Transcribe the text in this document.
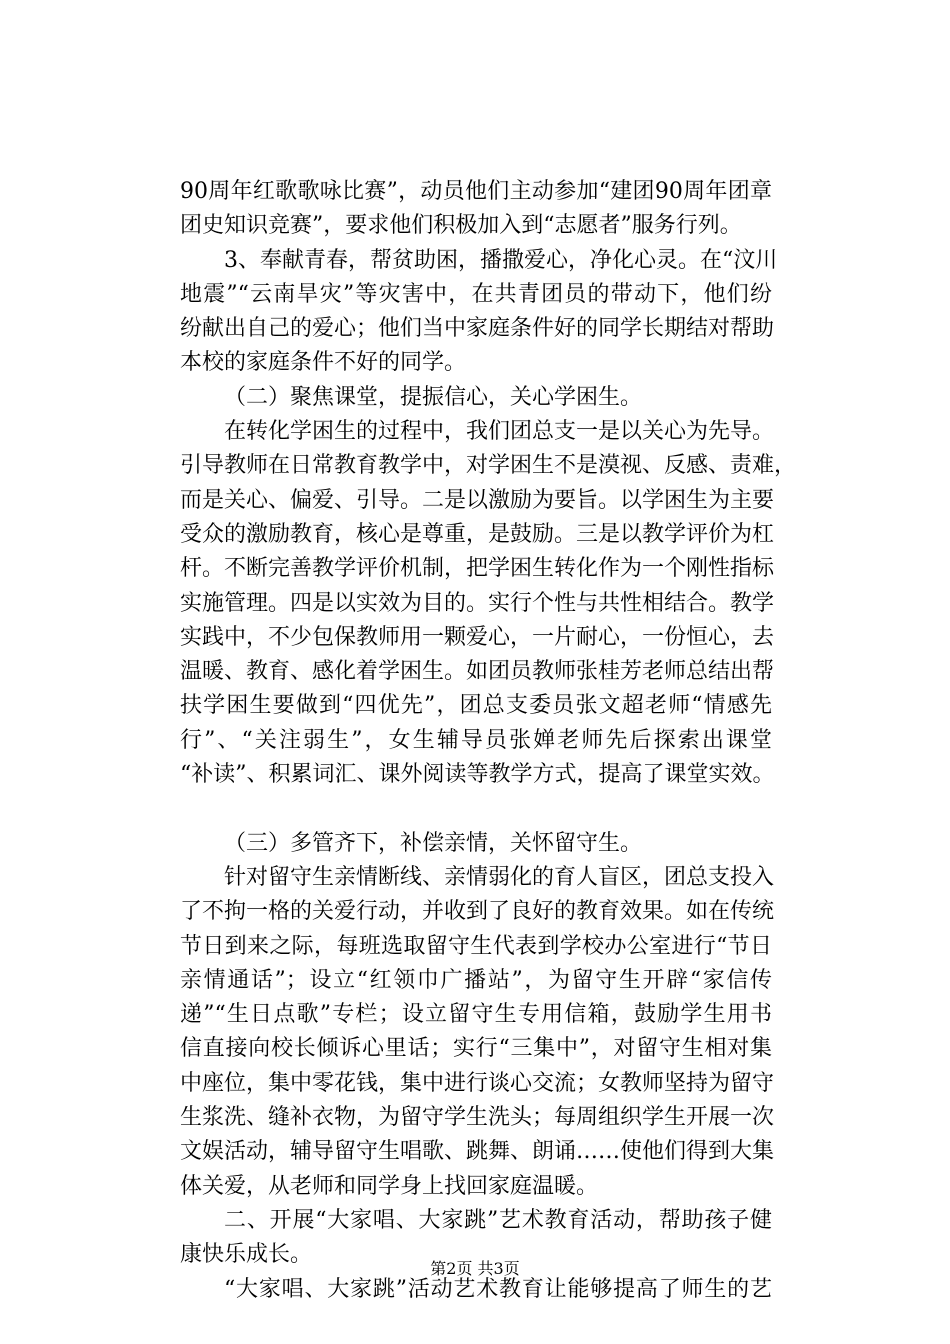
90周年红歌歌咏比赛”，动员他们主动参加“建团90周年团章
团史知识竞赛”，要求他们积极加入到“志愿者”服务行列。
3、奉献青春，帮贫助困，播撒爱心，净化心灵。在“汶川
地震”“云南旱灾”等灾害中，在共青团员的带动下，他们纷
纷献出自己的爱心；他们当中家庭条件好的同学长期结对帮助
本校的家庭条件不好的同学。
（二）聚焦课堂，提振信心，关心学困生。
在转化学困生的过程中，我们团总支一是以关心为先导。
引导教师在日常教育教学中，对学困生不是漠视、反感、责难，
而是关心、偏爱、引导。二是以激励为要旨。以学困生为主要
受众的激励教育，核心是尊重，是鼓励。三是以教学评价为杠
杆。不断完善教学评价机制，把学困生转化作为一个刚性指标
实施管理。四是以实效为目的。实行个性与共性相结合。教学
实践中，不少包保教师用一颗爱心，一片耐心，一份恒心，去
温暖、教育、感化着学困生。如团员教师张桂芳老师总结出帮
扶学困生要做到“四优先”，团总支委员张文超老师“情感先
行”、“关注弱生”，女生辅导员张婵老师先后探索出课堂
“补读”、积累词汇、课外阅读等教学方式，提高了课堂实效。
（三）多管齐下，补偿亲情，关怀留守生。
针对留守生亲情断线、亲情弱化的育人盲区，团总支投入
了不拘一格的关爱行动，并收到了良好的教育效果。如在传统
节日到来之际，每班选取留守生代表到学校办公室进行“节日
亲情通话”；设立“红领巾广播站”，为留守生开辟“家信传
递”“生日点歌”专栏；设立留守生专用信箱，鼓励学生用书
信直接向校长倾诉心里话；实行“三集中”，对留守生相对集
中座位，集中零花钱，集中进行谈心交流；女教师坚持为留守
生浆洗、缝补衣物，为留守学生洗头；每周组织学生开展一次
文娱活动，辅导留守生唱歌、跳舞、朗诵……使他们得到大集
体关爱，从老师和同学身上找回家庭温暖。
二、开展“大家唱、大家跳”艺术教育活动，帮助孩子健
康快乐成长。
“大家唱、大家跳”活动艺术教育让能够提高了师生的艺
第2页 共3页
